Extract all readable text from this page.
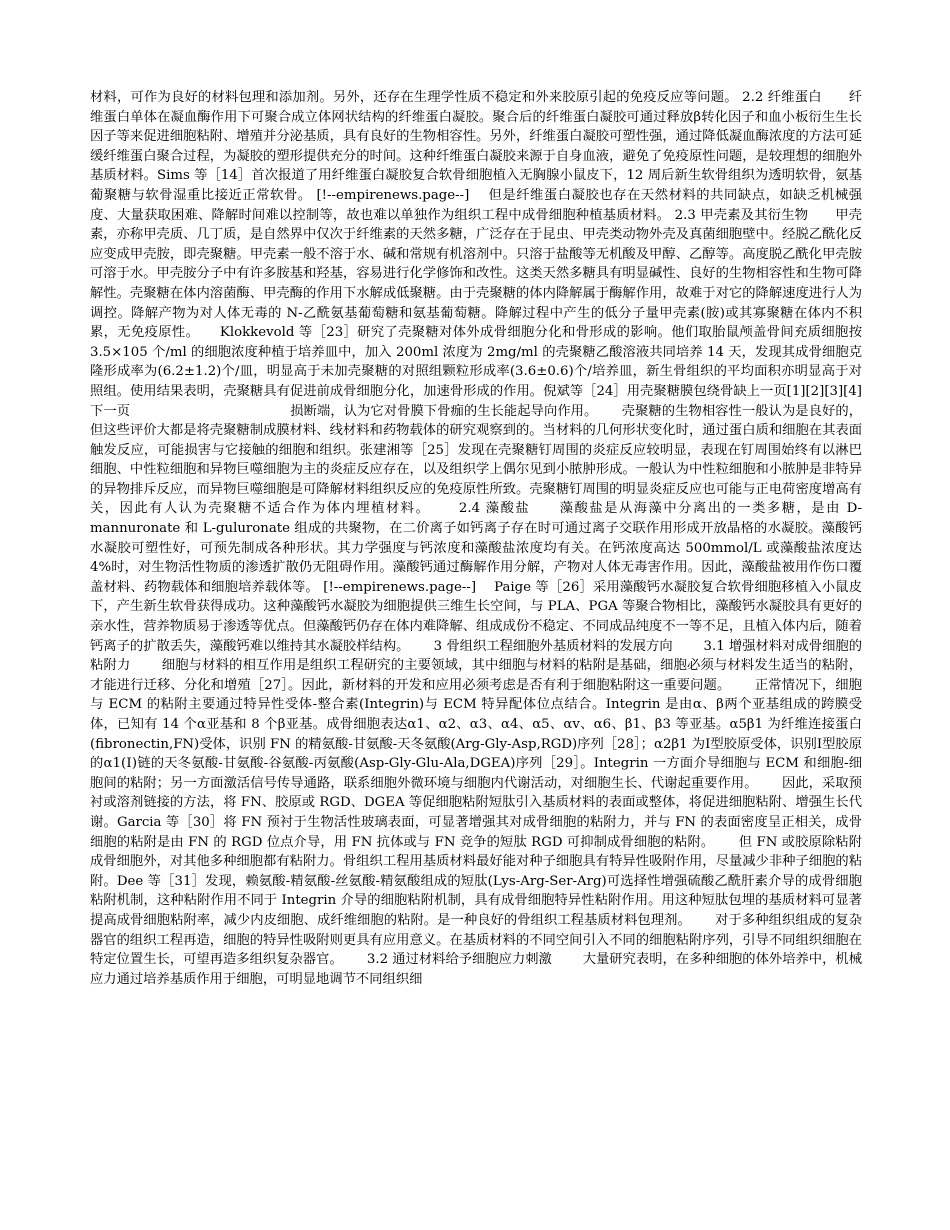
材料，可作为良好的材料包理和添加剂。另外，还存在生理学性质不稳定和外来胶原引起的免疫反应等问题。 2.2 纤维蛋白　　纤维蛋白单体在凝血酶作用下可聚合成立体网状结构的纤维蛋白凝胶。聚合后的纤维蛋白凝胶可通过释放β转化因子和血小板衍生生长因子等来促进细胞粘附、增殖并分泌基质，具有良好的生物相容性。另外，纤维蛋白凝胶可塑性强，通过降低凝血酶浓度的方法可延缓纤维蛋白聚合过程，为凝胶的塑形提供充分的时间。这种纤维蛋白凝胶来源于自身血液，避免了免疫原性问题，是较理想的细胞外基质材料。Sims 等［14］首次报道了用纤维蛋白凝胶复合软骨细胞植入无胸腺小鼠皮下，12 周后新生软骨组织为透明软骨，氨基葡聚糖与软骨湿重比接近正常软骨。 [!--empirenews.page--]　 但是纤维蛋白凝胶也存在天然材料的共同缺点，如缺乏机械强度、大量获取困难、降解时间难以控制等，故也难以单独作为组织工程中成骨细胞种植基质材料。 2.3 甲壳素及其衍生物　　甲壳素，亦称甲壳质、几丁质，是自然界中仅次于纤维素的天然多糖，广泛存在于昆虫、甲壳类动物外壳及真菌细胞壁中。经脱乙酰化反应变成甲壳胺，即壳聚糖。甲壳素一般不溶于水、碱和常规有机溶剂中。只溶于盐酸等无机酸及甲醇、乙醇等。高度脱乙酰化甲壳胺可溶于水。甲壳胺分子中有许多胺基和羟基，容易进行化学修饰和改性。这类天然多糖具有明显碱性、良好的生物相容性和生物可降解性。壳聚糖在体内溶菌酶、甲壳酶的作用下水解成低聚糖。由于壳聚糖的体内降解属于酶解作用，故难于对它的降解速度进行人为调控。降解产物为对人体无毒的 N-乙酰氨基葡萄糖和氨基葡萄糖。降解过程中产生的低分子量甲壳素(胺)或其寡聚糖在体内不积累，无免疫原性。　　Klokkevold 等［23］研究了壳聚糖对体外成骨细胞分化和骨形成的影响。他们取胎鼠颅盖骨间充质细胞按 3.5×105 个/ml 的细胞浓度种植于培养皿中，加入 200ml 浓度为 2mg/ml 的壳聚糖乙酸溶液共同培养 14 天，发现其成骨细胞克隆形成率为(6.2±1.2)个/皿，明显高于未加壳聚糖的对照组颗粒形成率(3.6±0.6)个/培养皿，新生骨组织的平均面积亦明显高于对照组。使用结果表明，壳聚糖具有促进前成骨细胞分化，加速骨形成的作用。倪斌等［24］用壳聚糖膜包绕骨缺上一页[1][2][3][4]下一页　　　　　　　　　　　　损断端，认为它对骨膜下骨痂的生长能起导向作用。　　 壳聚糖的生物相容性一般认为是良好的，但这些评价大都是将壳聚糖制成膜材料、线材料和药物载体的研究观察到的。当材料的几何形状变化时，通过蛋白质和细胞在其表面触发反应，可能损害与它接触的细胞和组织。张建湘等［25］发现在壳聚糖钉周围的炎症反应较明显，表现在钉周围始终有以淋巴细胞、中性粒细胞和异物巨噬细胞为主的炎症反应存在，以及组织学上偶尔见到小脓肿形成。一般认为中性粒细胞和小脓肿是非特异的异物排斥反应，而异物巨噬细胞是可降解材料组织反应的免疫原性所致。壳聚糖钉周围的明显炎症反应也可能与正电荷密度增高有关，因此有人认为壳聚糖不适合作为体内埋植材料。　　 2.4 藻酸盐　　藻酸盐是从海藻中分离出的一类多糖，是由 D-mannuronate 和 L-guluronate 组成的共聚物，在二价离子如钙离子存在时可通过离子交联作用形成开放晶格的水凝胶。藻酸钙水凝胶可塑性好，可预先制成各种形状。其力学强度与钙浓度和藻酸盐浓度均有关。在钙浓度高达 500mmol/L 或藻酸盐浓度达 4%时，对生物活性物质的渗透扩散仍无阻碍作用。藻酸钙通过酶解作用分解，产物对人体无毒害作用。因此，藻酸盐被用作伤口覆盖材料、药物载体和细胞培养载体等。 [!--empirenews.page--]　 Paige 等［26］采用藻酸钙水凝胶复合软骨细胞移植入小鼠皮下，产生新生软骨获得成功。这种藻酸钙水凝胶为细胞提供三维生长空间，与 PLA、PGA 等聚合物相比，藻酸钙水凝胶具有更好的亲水性，营养物质易于渗透等优点。但藻酸钙仍存在体内难降解、组成成份不稳定、不同成品纯度不一等不足，且植入体内后，随着钙离子的扩散丢失，藻酸钙难以维持其水凝胶样结构。　　 3 骨组织工程细胞外基质材料的发展方向　　 3.1 增强材料对成骨细胞的粘附力　　 细胞与材料的相互作用是组织工程研究的主要领域，其中细胞与材料的粘附是基础，细胞必须与材料发生适当的粘附，才能进行迁移、分化和增殖［27］。因此，新材料的开发和应用必须考虑是否有利于细胞粘附这一重要问题。　　 正常情况下，细胞与 ECM 的粘附主要通过特异性受体-整合素(Integrin)与 ECM 特异配体位点结合。Integrin 是由α、β两个亚基组成的跨膜受体，已知有 14 个α亚基和 8 个β亚基。成骨细胞表达α1、α2、α3、α4、α5、αv、α6、β1、β3 等亚基。α5β1 为纤维连接蛋白(fibronectin,FN)受体，识别 FN 的精氨酸-甘氨酸-天冬氨酸(Arg-Gly-Asp,RGD)序列［28］；α2β1 为Ⅰ型胶原受体，识别Ⅰ型胶原的α1(Ⅰ)链的天冬氨酸-甘氨酸-谷氨酸-丙氨酸(Asp-Gly-Glu-Ala,DGEA)序列［29］。Integrin 一方面介导细胞与 ECM 和细胞-细胞间的粘附；另一方面激活信号传导通路，联系细胞外微环境与细胞内代谢活动，对细胞生长、代谢起重要作用。　　 因此，采取预衬或溶剂链接的方法，将 FN、胶原或 RGD、DGEA 等促细胞粘附短肽引入基质材料的表面或整体，将促进细胞粘附、增强生长代谢。Garcia 等［30］将 FN 预衬于生物活性玻璃表面，可显著增强其对成骨细胞的粘附力，并与 FN 的表面密度呈正相关，成骨细胞的粘附是由 FN 的 RGD 位点介导，用 FN 抗体或与 FN 竞争的短肽 RGD 可抑制成骨细胞的粘附。　　 但 FN 或胶原除粘附成骨细胞外，对其他多种细胞都有粘附力。骨组织工程用基质材料最好能对种子细胞具有特异性吸附作用，尽量减少非种子细胞的粘附。Dee 等［31］发现，赖氨酸-精氨酸-丝氨酸-精氨酸组成的短肽(Lys-Arg-Ser-Arg)可选择性增强硫酸乙酰肝素介导的成骨细胞粘附机制，这种粘附作用不同于 Integrin 介导的细胞粘附机制，具有成骨细胞特异性粘附作用。用这种短肽包埋的基质材料可显著提高成骨细胞粘附率，减少内皮细胞、成纤维细胞的粘附。是一种良好的骨组织工程基质材料包理剂。　　 对于多种组织组成的复杂器官的组织工程再造，细胞的特异性吸附则更具有应用意义。在基质材料的不同空间引入不同的细胞粘附序列，引导不同组织细胞在特定位置生长，可望再造多组织复杂器官。　　 3.2 通过材料给予细胞应力刺激　　 大量研究表明，在多种细胞的体外培养中，机械应力通过培养基质作用于细胞，可明显地调节不同组织细
